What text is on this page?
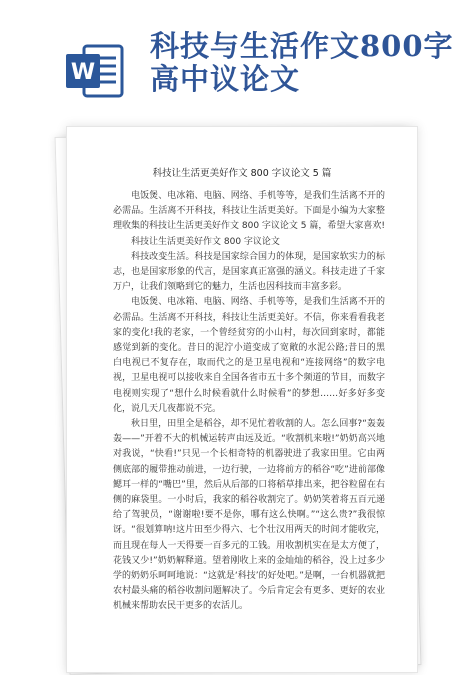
W
科技与生活作文800字高中议论文
科技让生活更美好作文 800 字议论文 5 篇

电饭煲、电冰箱、电脑、网络、手机等等，是我们生活离不开的必需品。生活离不开科技，科技让生活更美好。下面是小编为大家整理收集的科技让生活更美好作文 800 字议论文 5 篇，希望大家喜欢!

科技让生活更美好作文 800 字议论文

科技改变生活。科技是国家综合国力的体现，是国家软实力的标志，也是国家形象的代言，是国家真正富强的涵义。科技走进了千家万户，让我们领略到它的魅力，生活也因科技而丰富多彩。

电饭煲、电冰箱、电脑、网络、手机等等，是我们生活离不开的必需品。生活离不开科技，科技让生活更美好。不信，你来看看我老家的变化!我的老家，一个曾经贫穷的小山村，每次回到家时，都能感觉到新的变化。昔日的泥泞小道变成了宽敞的水泥公路;昔日的黑白电视已不复存在，取而代之的是卫星电视和“连接网络”的数字电视，卫星电视可以接收来自全国各省市五十多个频道的节目，而数字电视则实现了“想什么时候看就什么时候看”的梦想……好多好多变化，说几天几夜都说不完。

秋日里，田里全是稻谷，却不见忙着收割的人。怎么回事?“轰轰轰——”开着不大的机械运转声由远及近。“收割机来啦!”奶奶高兴地对我说，“快看!”只见一个长相奇特的机器驶进了我家田里。它由两侧底部的履带推动前进，一边行驶，一边将前方的稻谷“吃”进前部像鳃耳一样的“嘴巴”里，然后从后部的口将稻草排出来，把谷粒留在右侧的麻袋里。一小时后，我家的稻谷收割完了。奶奶笑着将五百元递给了驾驶员，“谢谢啦!要不是你，哪有这么快啊。”“这么贵?”我很惊讶。“很划算呐!这片田至少得六、七个壮汉用两天的时间才能收完，而且现在每人一天得要一百多元的工钱。用收割机实在是太方便了，花钱又少!”奶奶解释道。望着刚收上来的金灿灿的稻谷，没上过多少学的奶奶乐呵呵地说：“这就是‘科技’的好处吧。”是啊，一台机器就把农村最头痛的稻谷收割问题解决了。今后肯定会有更多、更好的农业机械来帮助农民干更多的农活儿。
